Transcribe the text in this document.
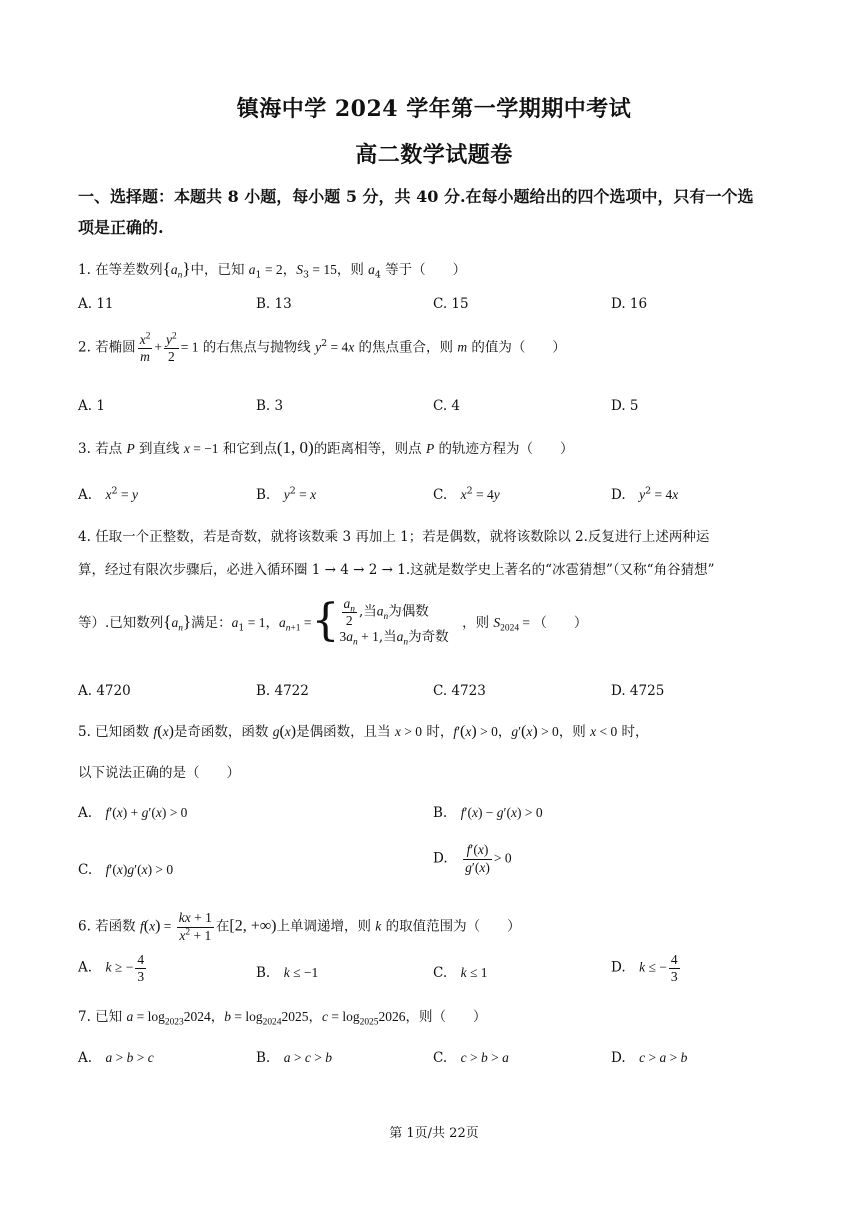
镇海中学 2024 学年第一学期期中考试
高二数学试题卷
一、选择题：本题共 8 小题，每小题 5 分，共 40 分.在每小题给出的四个选项中，只有一个选
项是正确的.
1. 在等差数列$\{a_n\}$中，已知 $a_1 = 2$，$S_3 = 15$，则 $a_4$ 等于（　　）
A. 11	B. 13	C. 15	D. 16
2. 若椭圆 $\frac{x^2}{m} + \frac{y^2}{2} = 1$ 的右焦点与抛物线 $y^2 = 4x$ 的焦点重合，则 m 的值为（　　）
A. 1	B. 3	C. 4	D. 5
3. 若点 P 到直线 x = −1 和它到点(1, 0)的距离相等，则点 P 的轨迹方程为（　　）
A.　$x^2 = y$	B.　$y^2 = x$	C.　$x^2 = 4y$	D.　$y^2 = 4x$
4. 任取一个正整数，若是奇数，就将该数乘 3 再加上 1；若是偶数，就将该数除以 2.反复进行上述两种运
算，经过有限次步骤后，必进入循环圈 1 → 4 → 2 → 1.这就是数学史上著名的“冰雹猜想”（又称“角谷猜想”
等）.已知数列$\{a_n\}$满足：$a_1 = 1$，$a_{n+1}$ ={ $\frac{a_n}{2}$ ,当$a_n$为偶数
$3a_n + 1$,当$a_n$为奇数
　，则 $S_{2024}$ = （　　）
A. 4720	B. 4722	C. 4723	D. 4725
5. 已知函数 f(x)是奇函数，函数 g(x)是偶函数，且当 x > 0 时，f′(x) > 0，g′(x) > 0，则 x < 0 时，
以下说法正确的是（　　）
A.　f′(x) + g′(x) > 0	B.　f′(x) − g′(x) > 0
C.　f′(x)g′(x) > 0
D.　 $\frac{f'(x)}{g'(x)} > 0$
6. 若函数 $f(x) = \frac{kx + 1}{x^2 + 1}$ 在[2, +∞)上单调递增，则 k 的取值范围为（　　）
A.　k ≥ − $\frac{4}{3}$	B.　k ≤ −1	C.　k ≤ 1	D.　k ≤ − $\frac{4}{3}$
7. 已知 $a = \log_{2023}2024$，$b = \log_{2024}2025$，$c = \log_{2025}2026$，则（　　）
A.　a > b > c	B.　a > c > b	C.　c > b > a	D.　c > a > b
第 1页/共 22页
